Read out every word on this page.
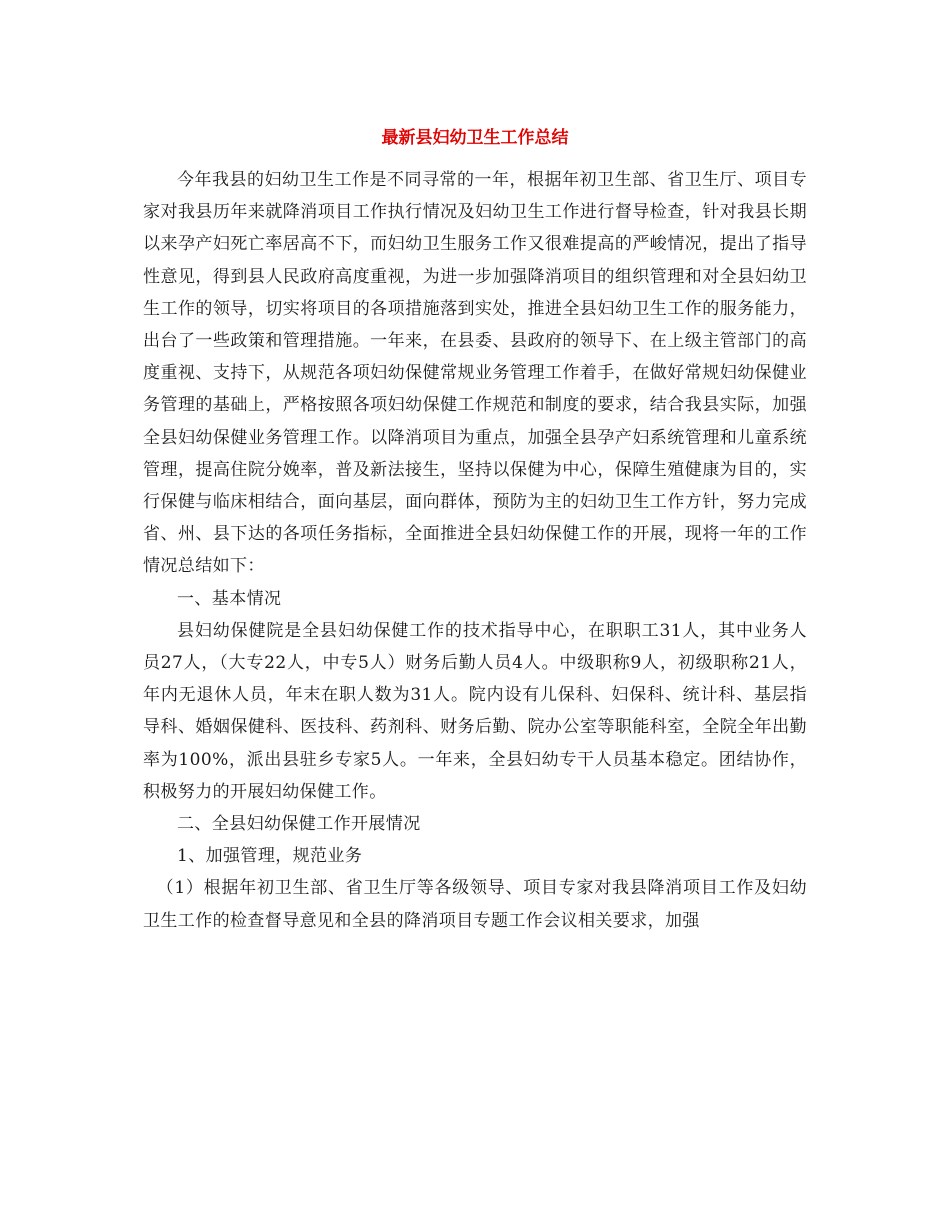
最新县妇幼卫生工作总结

今年我县的妇幼卫生工作是不同寻常的一年，根据年初卫生部、省卫生厅、项目专家对我县历年来就降消项目工作执行情况及妇幼卫生工作进行督导检查，针对我县长期以来孕产妇死亡率居高不下，而妇幼卫生服务工作又很难提高的严峻情况，提出了指导性意见，得到县人民政府高度重视，为进一步加强降消项目的组织管理和对全县妇幼卫生工作的领导，切实将项目的各项措施落到实处，推进全县妇幼卫生工作的服务能力，出台了一些政策和管理措施。一年来，在县委、县政府的领导下、在上级主管部门的高度重视、支持下，从规范各项妇幼保健常规业务管理工作着手，在做好常规妇幼保健业务管理的基础上，严格按照各项妇幼保健工作规范和制度的要求，结合我县实际，加强全县妇幼保健业务管理工作。以降消项目为重点，加强全县孕产妇系统管理和儿童系统管理，提高住院分娩率，普及新法接生，坚持以保健为中心，保障生殖健康为目的，实行保健与临床相结合，面向基层，面向群体，预防为主的妇幼卫生工作方针，努力完成省、州、县下达的各项任务指标，全面推进全县妇幼保健工作的开展，现将一年的工作情况总结如下：

一、基本情况

县妇幼保健院是全县妇幼保健工作的技术指导中心，在职职工31人，其中业务人员27人，（大专22人，中专5人）财务后勤人员4人。中级职称9人，初级职称21人，年内无退休人员，年末在职人数为31人。院内设有儿保科、妇保科、统计科、基层指导科、婚姻保健科、医技科、药剂科、财务后勤、院办公室等职能科室，全院全年出勤率为100%，派出县驻乡专家5人。一年来，全县妇幼专干人员基本稳定。团结协作，积极努力的开展妇幼保健工作。

二、全县妇幼保健工作开展情况

1、加强管理，规范业务

（1）根据年初卫生部、省卫生厅等各级领导、项目专家对我县降消项目工作及妇幼卫生工作的检查督导意见和全县的降消项目专题工作会议相关要求，加强
